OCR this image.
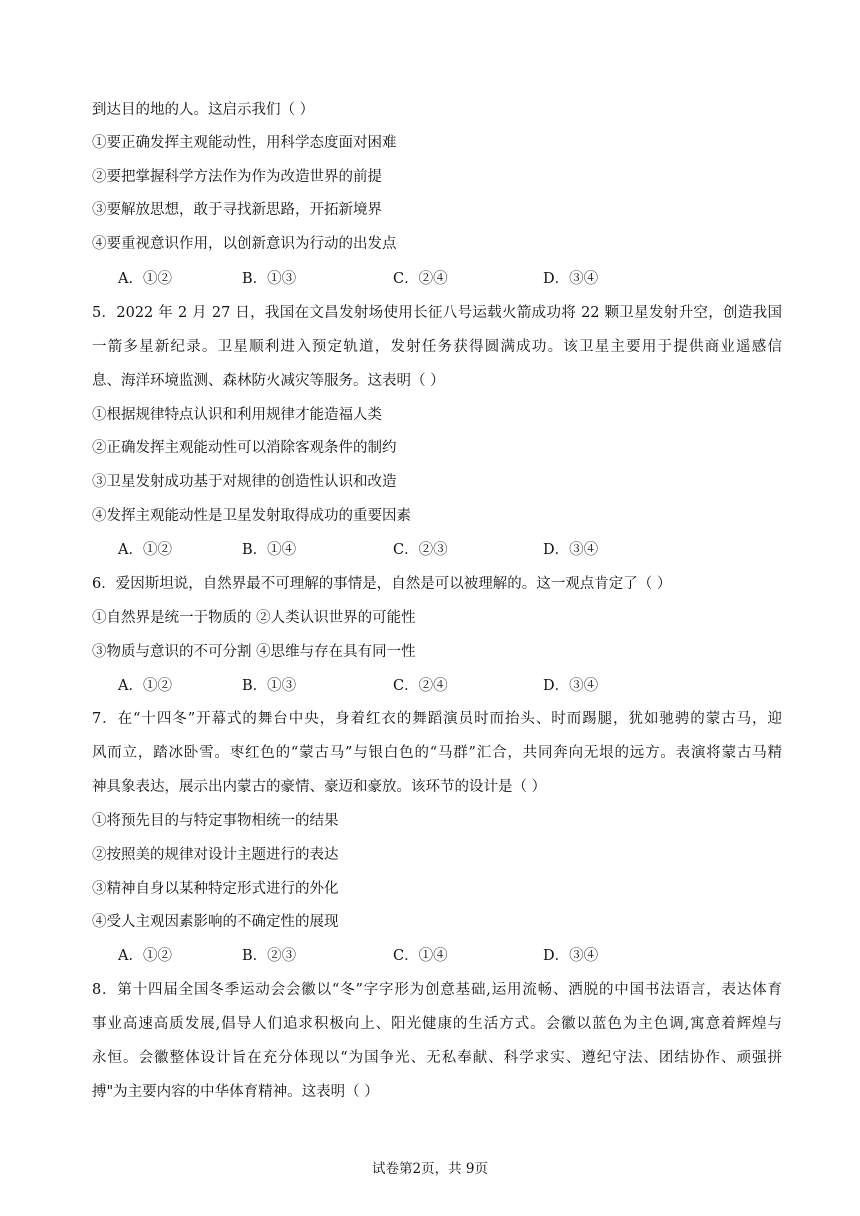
到达目的地的人。这启示我们（ ）
①要正确发挥主观能动性，用科学态度面对困难
②要把掌握科学方法作为作为改造世界的前提
③要解放思想，敢于寻找新思路，开拓新境界
④要重视意识作用，以创新意识为行动的出发点
A．①②	B．①③	C．②④	D．③④
5．2022 年 2 月 27 日，我国在文昌发射场使用长征八号运载火箭成功将 22 颗卫星发射升空，创造我国
一箭多星新纪录。卫星顺利进入预定轨道，发射任务获得圆满成功。该卫星主要用于提供商业遥感信
息、海洋环境监测、森林防火减灾等服务。这表明（ ）
①根据规律特点认识和利用规律才能造福人类
②正确发挥主观能动性可以消除客观条件的制约
③卫星发射成功基于对规律的创造性认识和改造
④发挥主观能动性是卫星发射取得成功的重要因素
A．①②	B．①④	C．②③	D．③④
6．爱因斯坦说，自然界最不可理解的事情是，自然是可以被理解的。这一观点肯定了（ ）
①自然界是统一于物质的 ②人类认识世界的可能性
③物质与意识的不可分割 ④思维与存在具有同一性
A．①②	B．①③	C．②④	D．③④
7．在“十四冬”开幕式的舞台中央，身着红衣的舞蹈演员时而抬头、时而踢腿，犹如驰骋的蒙古马，迎
风而立，踏冰卧雪。枣红色的“蒙古马”与银白色的“马群”汇合，共同奔向无垠的远方。表演将蒙古马精
神具象表达，展示出内蒙古的豪情、豪迈和豪放。该环节的设计是（ ）
①将预先目的与特定事物相统一的结果
②按照美的规律对设计主题进行的表达
③精神自身以某种特定形式进行的外化
④受人主观因素影响的不确定性的展现
A．①②	B．②③	C．①④	D．③④
8．第十四届全国冬季运动会会徽以“冬”字字形为创意基础,运用流畅、洒脱的中国书法语言，表达体育
事业高速高质发展,倡导人们追求积极向上、阳光健康的生活方式。会徽以蓝色为主色调,寓意着辉煌与
永恒。会徽整体设计旨在充分体现以“为国争光、无私奉献、科学求实、遵纪守法、团结协作、顽强拼
搏"为主要内容的中华体育精神。这表明（ ）
试卷第2页，共 9页
